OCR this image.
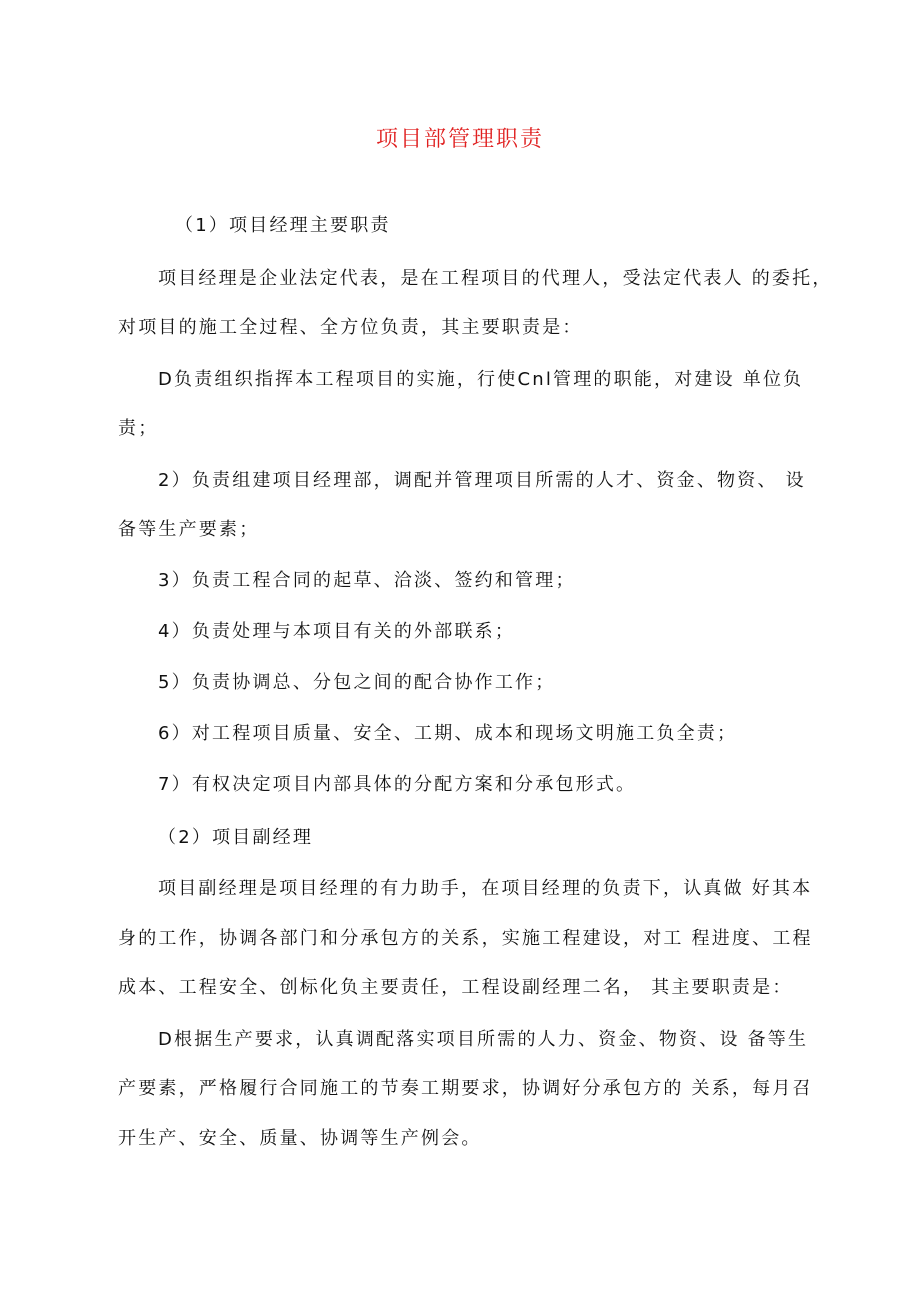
项目部管理职责
（1）项目经理主要职责
项目经理是企业法定代表，是在工程项目的代理人，受法定代表人 的委托，
对项目的施工全过程、全方位负责，其主要职责是：
D负责组织指挥本工程项目的实施，行使Cnl管理的职能，对建设 单位负
责；
2）负责组建项目经理部，调配并管理项目所需的人才、资金、物资、 设
备等生产要素；
3）负责工程合同的起草、洽淡、签约和管理；
4）负责处理与本项目有关的外部联系；
5）负责协调总、分包之间的配合协作工作；
6）对工程项目质量、安全、工期、成本和现场文明施工负全责；
7）有权决定项目内部具体的分配方案和分承包形式。
（2）项目副经理
项目副经理是项目经理的有力助手，在项目经理的负责下，认真做 好其本
身的工作，协调各部门和分承包方的关系，实施工程建设，对工 程进度、工程
成本、工程安全、创标化负主要责任，工程设副经理二名， 其主要职责是：
D根据生产要求，认真调配落实项目所需的人力、资金、物资、设 备等生
产要素，严格履行合同施工的节奏工期要求，协调好分承包方的 关系，每月召
开生产、安全、质量、协调等生产例会。
